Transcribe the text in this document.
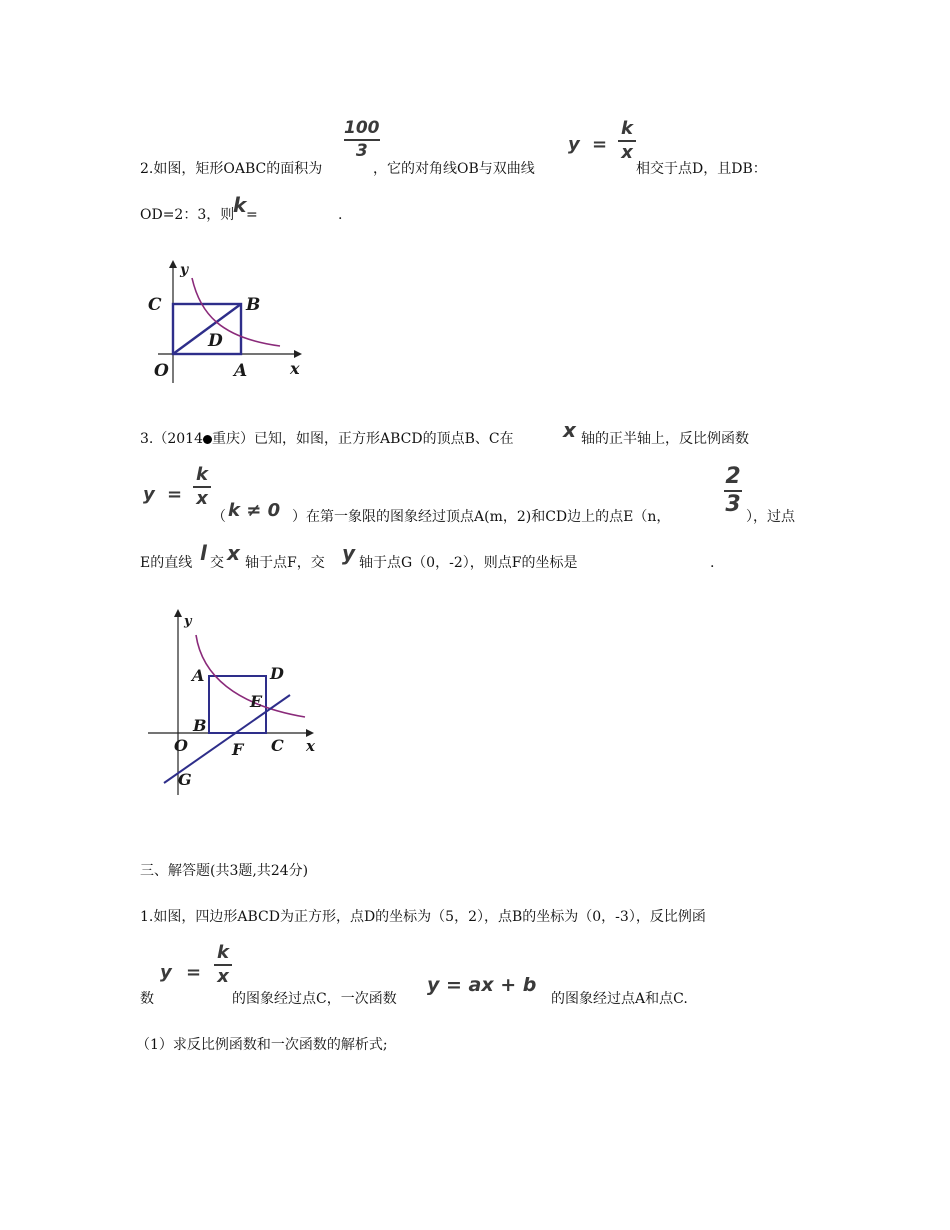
2.如图，矩形OABC的面积为
100
3
，它的对角线OB与双曲线
y =
k
x
相交于点D，且DB：
OD=2：3，则
k =	.
y
C	B
D
O	A	x
3.（2014 重庆）已知，如图，正方形ABCD的顶点B、C在 x 轴的正半轴上，反比例函数
y =
k
x
（ k ≠ 0 ）在第一象限的图象经过顶点A(m，2)和CD边上的点E（n，
2
3 ），过点
E的直线 l 交 x 轴于点F，交 y 轴于点G（0，-2），则点F的坐标是	.
y
A	D
E
B
O	F C x
G
三、解答题(共3题,共24分)
1.如图，四边形ABCD为正方形，点D的坐标为（5，2），点B的坐标为（0，-3），反比例函
数
y =
k
x
的图象经过点C，一次函数
y = ax + b
的图象经过点A和点C.
（1）求反比例函数和一次函数的解析式;
